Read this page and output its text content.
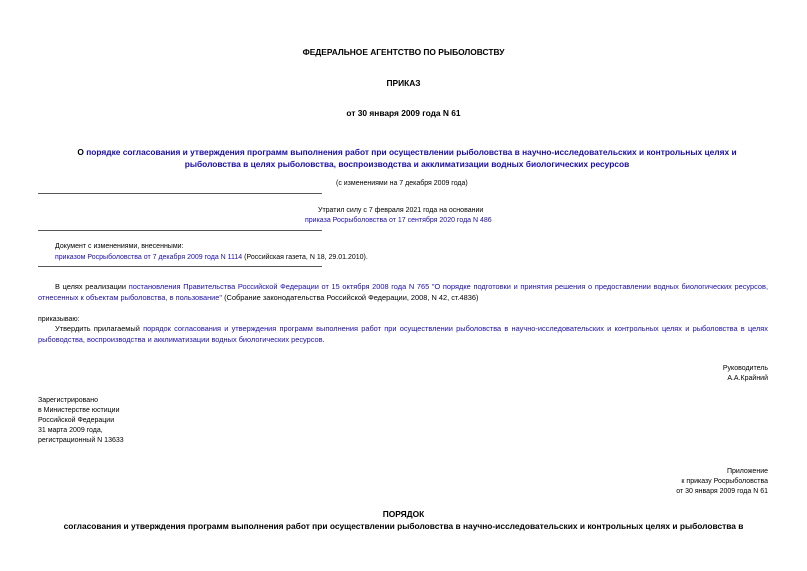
ФЕДЕРАЛЬНОЕ АГЕНТСТВО ПО РЫБОЛОВСТВУ
ПРИКАЗ
от 30 января 2009 года N 61
О порядке согласования и утверждения программ выполнения работ при осуществлении рыболовства в научно-исследовательских и контрольных целях и рыболовства в целях рыболовства, воспроизводства и акклиматизации водных биологических ресурсов
(с изменениями на 7 декабря 2009 года)
Утратил силу с 7 февраля 2021 года на основании
приказа Росрыболовства от 17 сентября 2020 года N 486
Документ с изменениями, внесенными:
приказом Росрыболовства от 7 декабря 2009 года N 1114 (Российская газета, N 18, 29.01.2010).
В целях реализации постановления Правительства Российской Федерации от 15 октября 2008 года N 765 "О порядке подготовки и принятия решения о предоставлении водных биологических ресурсов, отнесенных к объектам рыболовства, в пользование" (Собрание законодательства Российской Федерации, 2008, N 42, ст.4836)
приказываю:
Утвердить прилагаемый порядок согласования и утверждения программ выполнения работ при осуществлении рыболовства в научно-исследовательских и контрольных целях и рыболовства в целях рыбоводства, воспроизводства и акклиматизации водных биологических ресурсов.
Руководитель
А.А.Крайний
Зарегистрировано
в Министерстве юстиции
Российской Федерации
31 марта 2009 года,
регистрационный N 13633
Приложение
к приказу Росрыболовства
от 30 января 2009 года N 61
ПОРЯДОК
согласования и утверждения программ выполнения работ при осуществлении рыболовства в научно-исследовательских и контрольных целях и рыболовства в
